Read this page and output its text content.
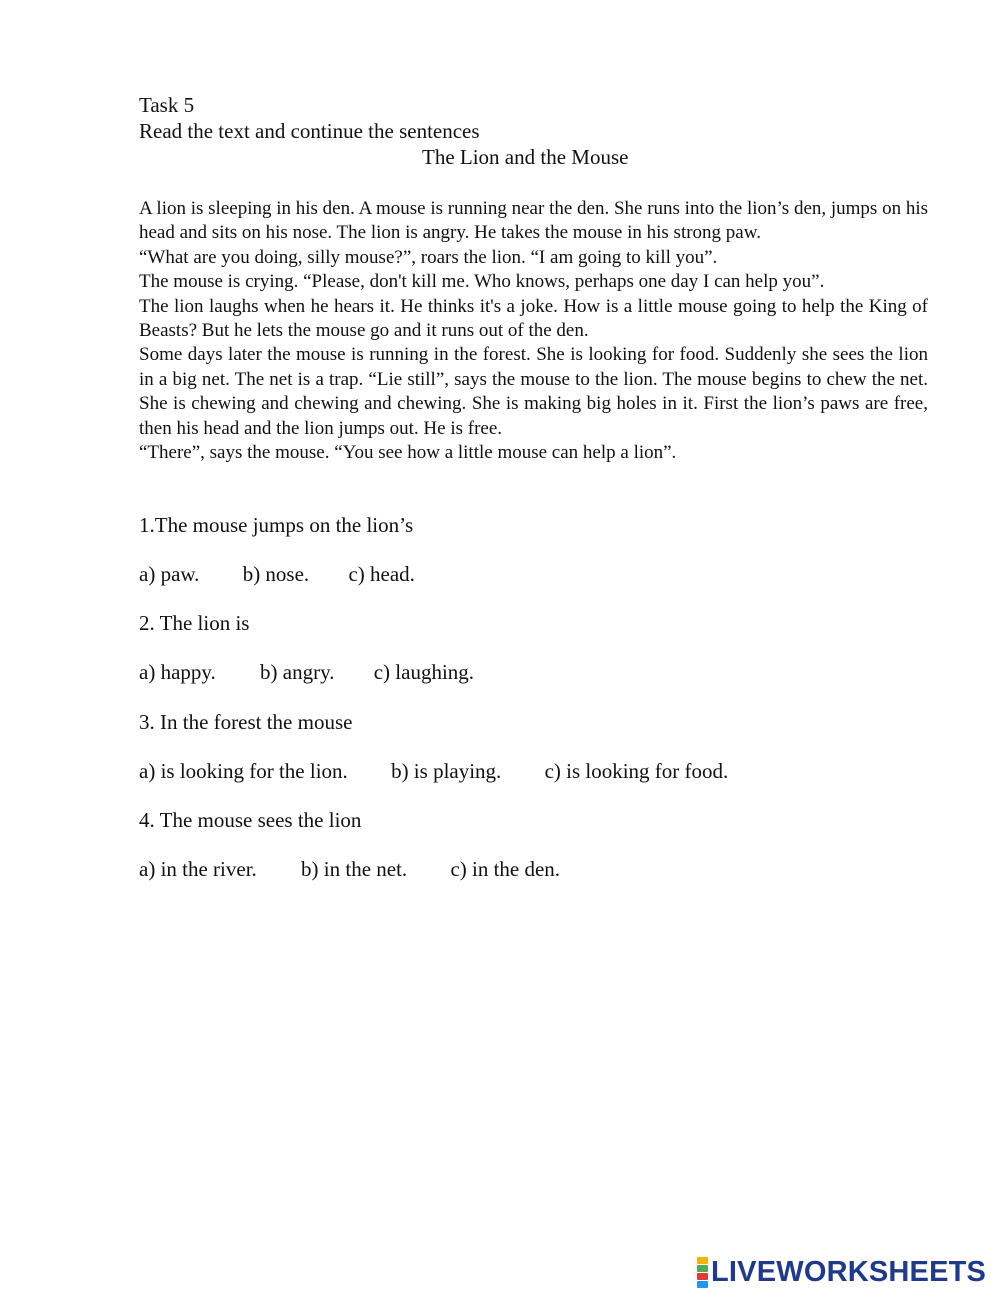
Task 5
Read the text and continue the sentences
The Lion and the Mouse

A lion is sleeping in his den. A mouse is running near the den. She runs into the lion’s den, jumps on his head and sits on his nose. The lion is angry. He takes the mouse in his strong paw.

“What are you doing, silly mouse?”, roars the lion. “I am going to kill you”.

The mouse is crying. “Please, don't kill me. Who knows, perhaps one day I can help you”.

The lion laughs when he hears it. He thinks it's a joke. How is a little mouse going to help the King of Beasts? But he lets the mouse go and it runs out of the den.

Some days later the mouse is running in the forest. She is looking for food. Suddenly she sees the lion in a big net. The net is a trap. “Lie still”, says the mouse to the lion. The mouse begins to chew the net. She is chewing and chewing and chewing. She is making big holes in it. First the lion’s paws are free, then his head and the lion jumps out. He is free.

“There”, says the mouse. “You see how a little mouse can help a lion”.

1.The mouse jumps on the lion’s
a) paw. b) nose. c) head.
2. The lion is
a) happy. b) angry. c) laughing.
3. In the forest the mouse
a) is looking for the lion. b) is playing. c) is looking for food.
4. The mouse sees the lion
a) in the river. b) in the net. c) in the den.
LIVEWORKSHEETS
